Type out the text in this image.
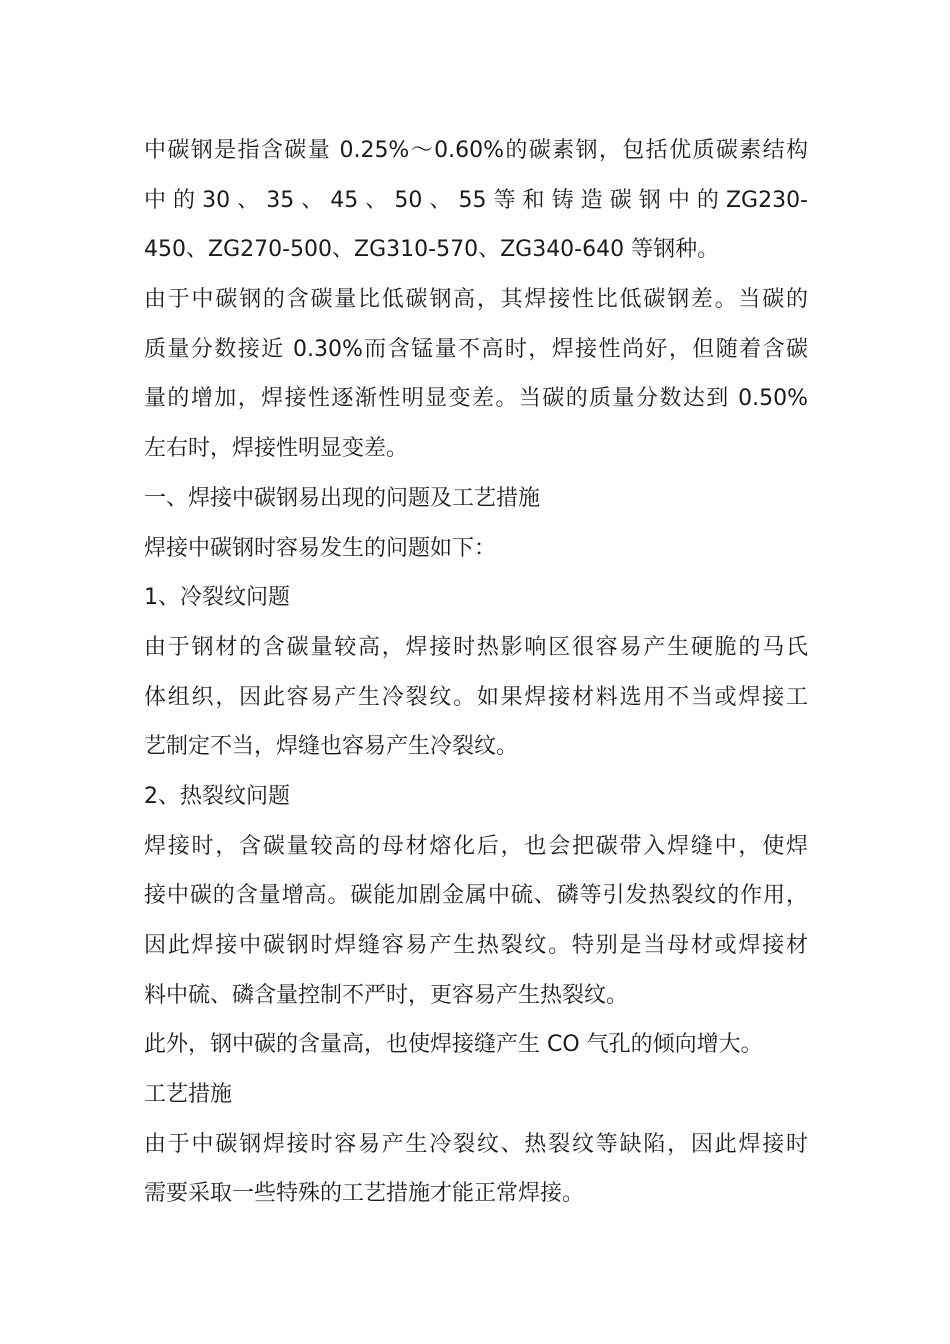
中碳钢是指含碳量 0.25%～0.60%的碳素钢，包括优质碳素结构
中 的 30 、 35 、 45 、 50 、 55 等 和 铸 造 碳 钢 中 的 ZG230-
450、ZG270-500、ZG310-570、ZG340-640 等钢种。
由于中碳钢的含碳量比低碳钢高，其焊接性比低碳钢差。当碳的
质量分数接近 0.30%而含锰量不高时，焊接性尚好，但随着含碳
量的增加，焊接性逐渐性明显变差。当碳的质量分数达到 0.50%
左右时，焊接性明显变差。
一、焊接中碳钢易出现的问题及工艺措施
焊接中碳钢时容易发生的问题如下：
1、冷裂纹问题
由于钢材的含碳量较高，焊接时热影响区很容易产生硬脆的马氏
体组织，因此容易产生冷裂纹。如果焊接材料选用不当或焊接工
艺制定不当，焊缝也容易产生冷裂纹。
2、热裂纹问题
焊接时，含碳量较高的母材熔化后，也会把碳带入焊缝中，使焊
接中碳的含量增高。碳能加剧金属中硫、磷等引发热裂纹的作用，
因此焊接中碳钢时焊缝容易产生热裂纹。特别是当母材或焊接材
料中硫、磷含量控制不严时，更容易产生热裂纹。
此外，钢中碳的含量高，也使焊接缝产生 CO 气孔的倾向增大。
工艺措施
由于中碳钢焊接时容易产生冷裂纹、热裂纹等缺陷，因此焊接时
需要采取一些特殊的工艺措施才能正常焊接。
